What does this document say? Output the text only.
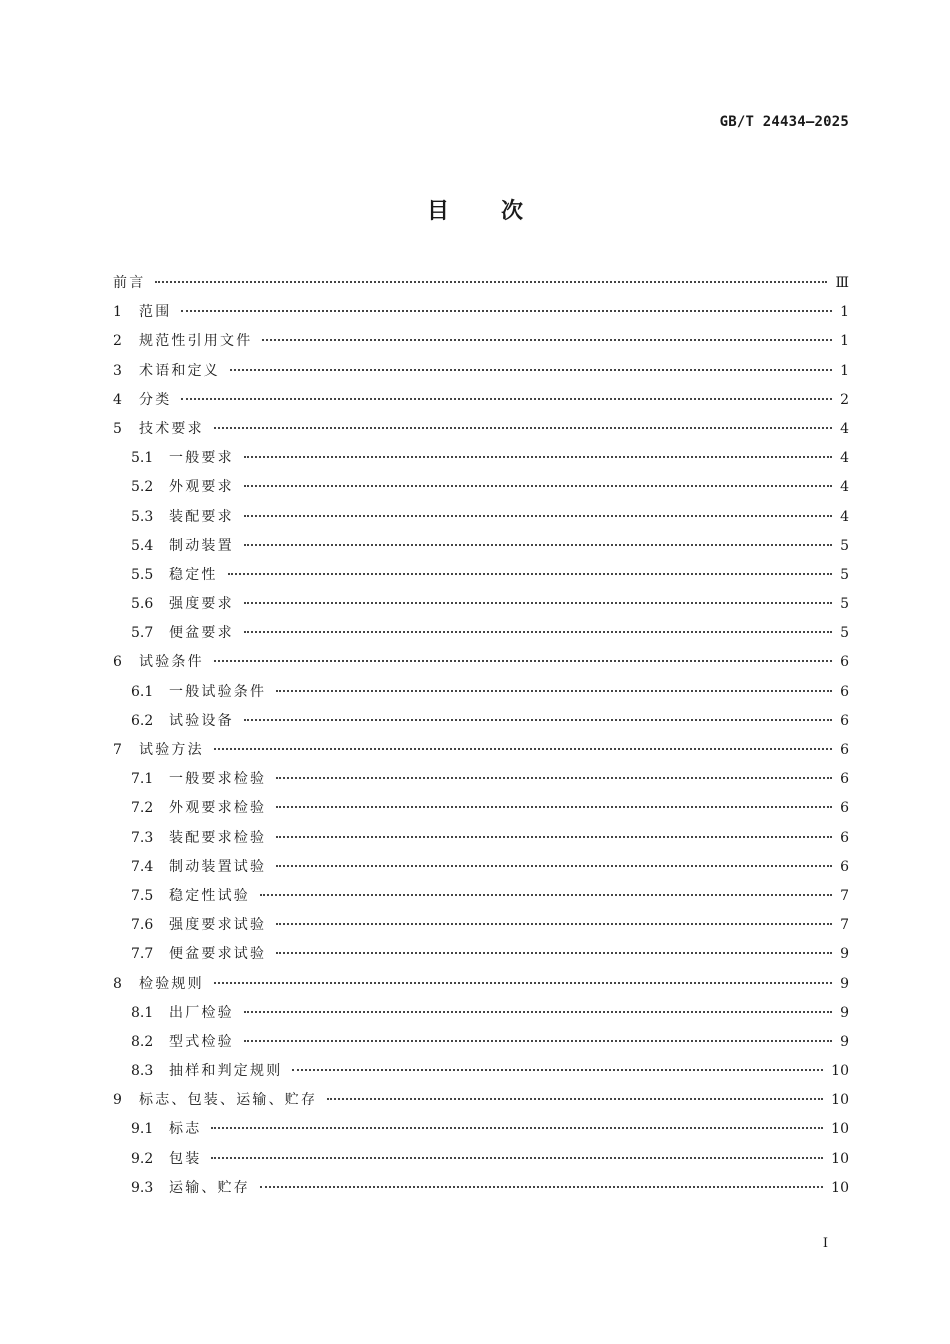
GB/T 24434—2025
目次
前言	Ⅲ
1	范围	1
2	规范性引用文件	1
3	术语和定义	1
4	分类	2
5	技术要求	4
5.1	一般要求	4
5.2	外观要求	4
5.3	装配要求	4
5.4	制动装置	5
5.5	稳定性	5
5.6	强度要求	5
5.7	便盆要求	5
6	试验条件	6
6.1	一般试验条件	6
6.2	试验设备	6
7	试验方法	6
7.1	一般要求检验	6
7.2	外观要求检验	6
7.3	装配要求检验	6
7.4	制动装置试验	6
7.5	稳定性试验	7
7.6	强度要求试验	7
7.7	便盆要求试验	9
8	检验规则	9
8.1	出厂检验	9
8.2	型式检验	9
8.3	抽样和判定规则	10
9	标志、包装、运输、贮存	10
9.1	标志	10
9.2	包装	10
9.3	运输、贮存	10
Ⅰ
